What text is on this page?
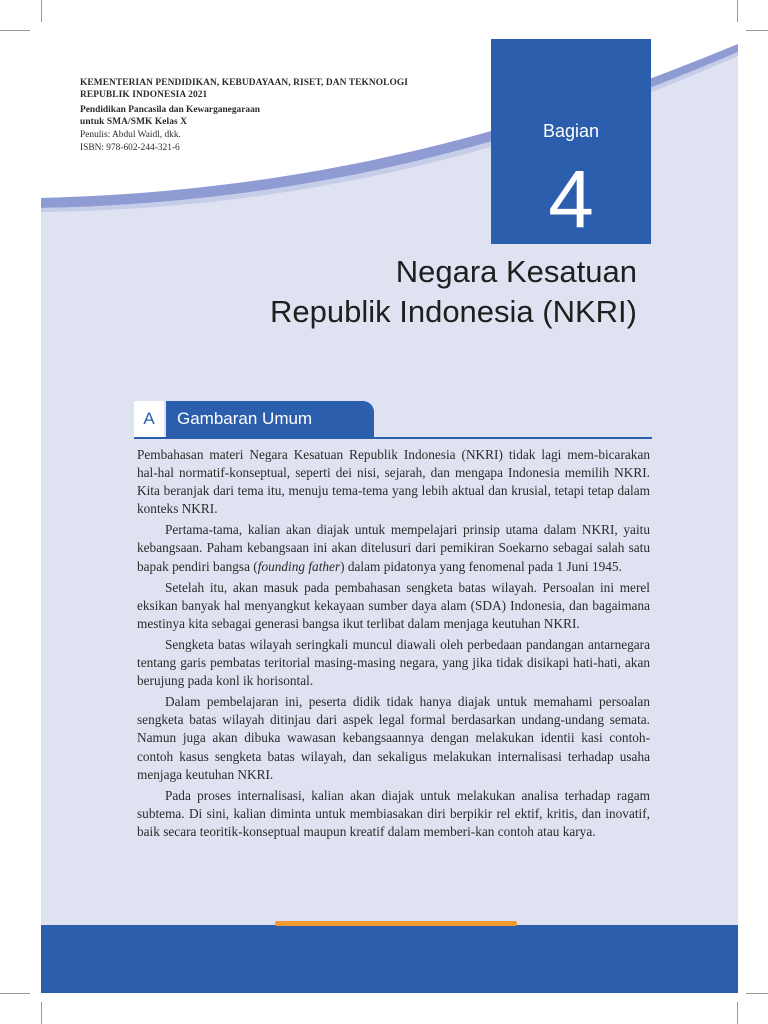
KEMENTERIAN PENDIDIKAN, KEBUDAYAAN, RISET, DAN TEKNOLOGI
REPUBLIK INDONESIA 2021
Pendidikan Pancasila dan Kewarganegaraan
untuk SMA/SMK Kelas X
Penulis: Abdul Waidl, dkk.
ISBN: 978-602-244-321-6
Bagian
4
Negara Kesatuan
Republik Indonesia (NKRI)
A	Gambaran Umum

Pembahasan materi Negara Kesatuan Republik Indonesia (NKRI) tidak lagi mem-bicarakan hal-hal normatif-konseptual, seperti dei nisi, sejarah, dan mengapa Indonesia memilih NKRI. Kita beranjak dari tema itu, menuju tema-tema yang lebih aktual dan krusial, tetapi tetap dalam konteks NKRI.

Pertama-tama, kalian akan diajak untuk mempelajari prinsip utama dalam NKRI, yaitu kebangsaan. Paham kebangsaan ini akan ditelusuri dari pemikiran Soekarno sebagai salah satu bapak pendiri bangsa (founding father) dalam pidatonya yang fenomenal pada 1 Juni 1945.

Setelah itu, akan masuk pada pembahasan sengketa batas wilayah. Persoalan ini merel eksikan banyak hal menyangkut kekayaan sumber daya alam (SDA) Indonesia, dan bagaimana mestinya kita sebagai generasi bangsa ikut terlibat dalam menjaga keutuhan NKRI.

Sengketa batas wilayah seringkali muncul diawali oleh perbedaan pandangan antarnegara tentang garis pembatas teritorial masing-masing negara, yang jika tidak disikapi hati-hati, akan berujung pada konl ik horisontal.

Dalam pembelajaran ini, peserta didik tidak hanya diajak untuk memahami persoalan sengketa batas wilayah ditinjau dari aspek legal formal berdasarkan undang-undang semata. Namun juga akan dibuka wawasan kebangsaannya dengan melakukan identii kasi contoh-contoh kasus sengketa batas wilayah, dan sekaligus melakukan internalisasi terhadap usaha menjaga keutuhan NKRI.

Pada proses internalisasi, kalian akan diajak untuk melakukan analisa terhadap ragam subtema. Di sini, kalian diminta untuk membiasakan diri berpikir rel ektif, kritis, dan inovatif, baik secara teoritik-konseptual maupun kreatif dalam memberi-kan contoh atau karya.
